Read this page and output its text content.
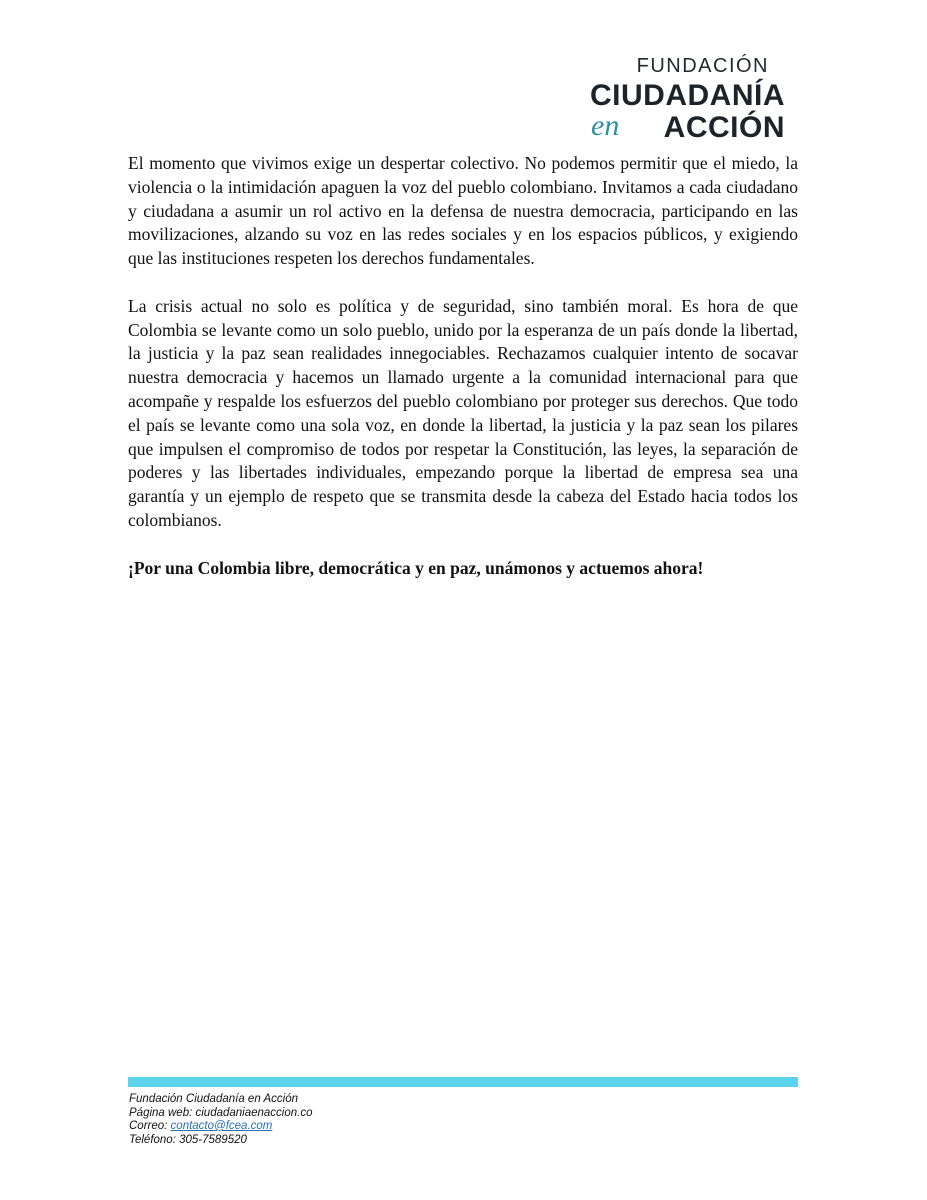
FUNDACIÓN
CIUDADANÍA
en ACCIÓN

El momento que vivimos exige un despertar colectivo. No podemos permitir que el miedo, la violencia o la intimidación apaguen la voz del pueblo colombiano. Invitamos a cada ciudadano y ciudadana a asumir un rol activo en la defensa de nuestra democracia, participando en las movilizaciones, alzando su voz en las redes sociales y en los espacios públicos, y exigiendo que las instituciones respeten los derechos fundamentales.

La crisis actual no solo es política y de seguridad, sino también moral. Es hora de que Colombia se levante como un solo pueblo, unido por la esperanza de un país donde la libertad, la justicia y la paz sean realidades innegociables. Rechazamos cualquier intento de socavar nuestra democracia y hacemos un llamado urgente a la comunidad internacional para que acompañe y respalde los esfuerzos del pueblo colombiano por proteger sus derechos. Que todo el país se levante como una sola voz, en donde la libertad, la justicia y la paz sean los pilares que impulsen el compromiso de todos por respetar la Constitución, las leyes, la separación de poderes y las libertades individuales, empezando porque la libertad de empresa sea una garantía y un ejemplo de respeto que se transmita desde la cabeza del Estado hacia todos los colombianos.

¡Por una Colombia libre, democrática y en paz, unámonos y actuemos ahora!

Fundación Ciudadanía en Acción
Página web: ciudadaniaenaccion.co
Correo: contacto@fcea.com
Teléfono: 305-7589520
